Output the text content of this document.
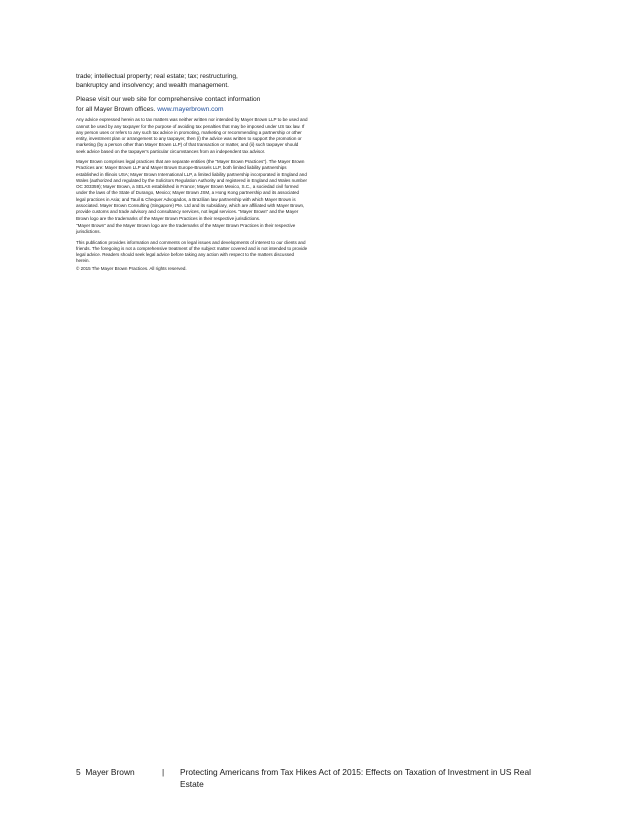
trade; intellectual property; real estate; tax; restructuring,

bankruptcy and insolvency; and wealth management.

Please visit our web site for comprehensive contact information

for all Mayer Brown offices. www.mayerbrown.com

Any advice expressed herein as to tax matters was neither written nor intended by Mayer Brown LLP to be used and cannot be used by any taxpayer for the purpose of avoiding tax penalties that may be imposed under US tax law. If any person uses or refers to any such tax advice in promoting, marketing or recommending a partnership or other entity, investment plan or arrangement to any taxpayer, then (i) the advice was written to support the promotion or marketing (by a person other than Mayer Brown LLP) of that transaction or matter, and (ii) such taxpayer should seek advice based on the taxpayer's particular circumstances from an independent tax advisor.

Mayer Brown comprises legal practices that are separate entities (the "Mayer Brown Practices"). The Mayer Brown Practices are: Mayer Brown LLP and Mayer Brown Europe-Brussels LLP, both limited liability partnerships established in Illinois USA; Mayer Brown International LLP, a limited liability partnership incorporated in England and Wales (authorized and regulated by the Solicitors Regulation Authority and registered in England and Wales number OC 303359); Mayer Brown, a SELAS established in France; Mayer Brown Mexico, S.C., a sociedad civil formed under the laws of the State of Durango, Mexico; Mayer Brown JSM, a Hong Kong partnership and its associated legal practices in Asia; and Tauil & Chequer Advogados, a Brazilian law partnership with which Mayer Brown is associated. Mayer Brown Consulting (Singapore) Pte. Ltd and its subsidiary, which are affiliated with Mayer Brown, provide customs and trade advisory and consultancy services, not legal services. "Mayer Brown" and the Mayer Brown logo are the trademarks of the Mayer Brown Practices in their respective jurisdictions.

"Mayer Brown" and the Mayer Brown logo are the trademarks of the Mayer Brown Practices in their respective jurisdictions.

This publication provides information and comments on legal issues and developments of interest to our clients and friends. The foregoing is not a comprehensive treatment of the subject matter covered and is not intended to provide legal advice. Readers should seek legal advice before taking any action with respect to the matters discussed herein.

© 2015 The Mayer Brown Practices. All rights reserved.

5 Mayer Brown	| Protecting Americans from Tax Hikes Act of 2015: Effects on Taxation of Investment in US Real Estate
